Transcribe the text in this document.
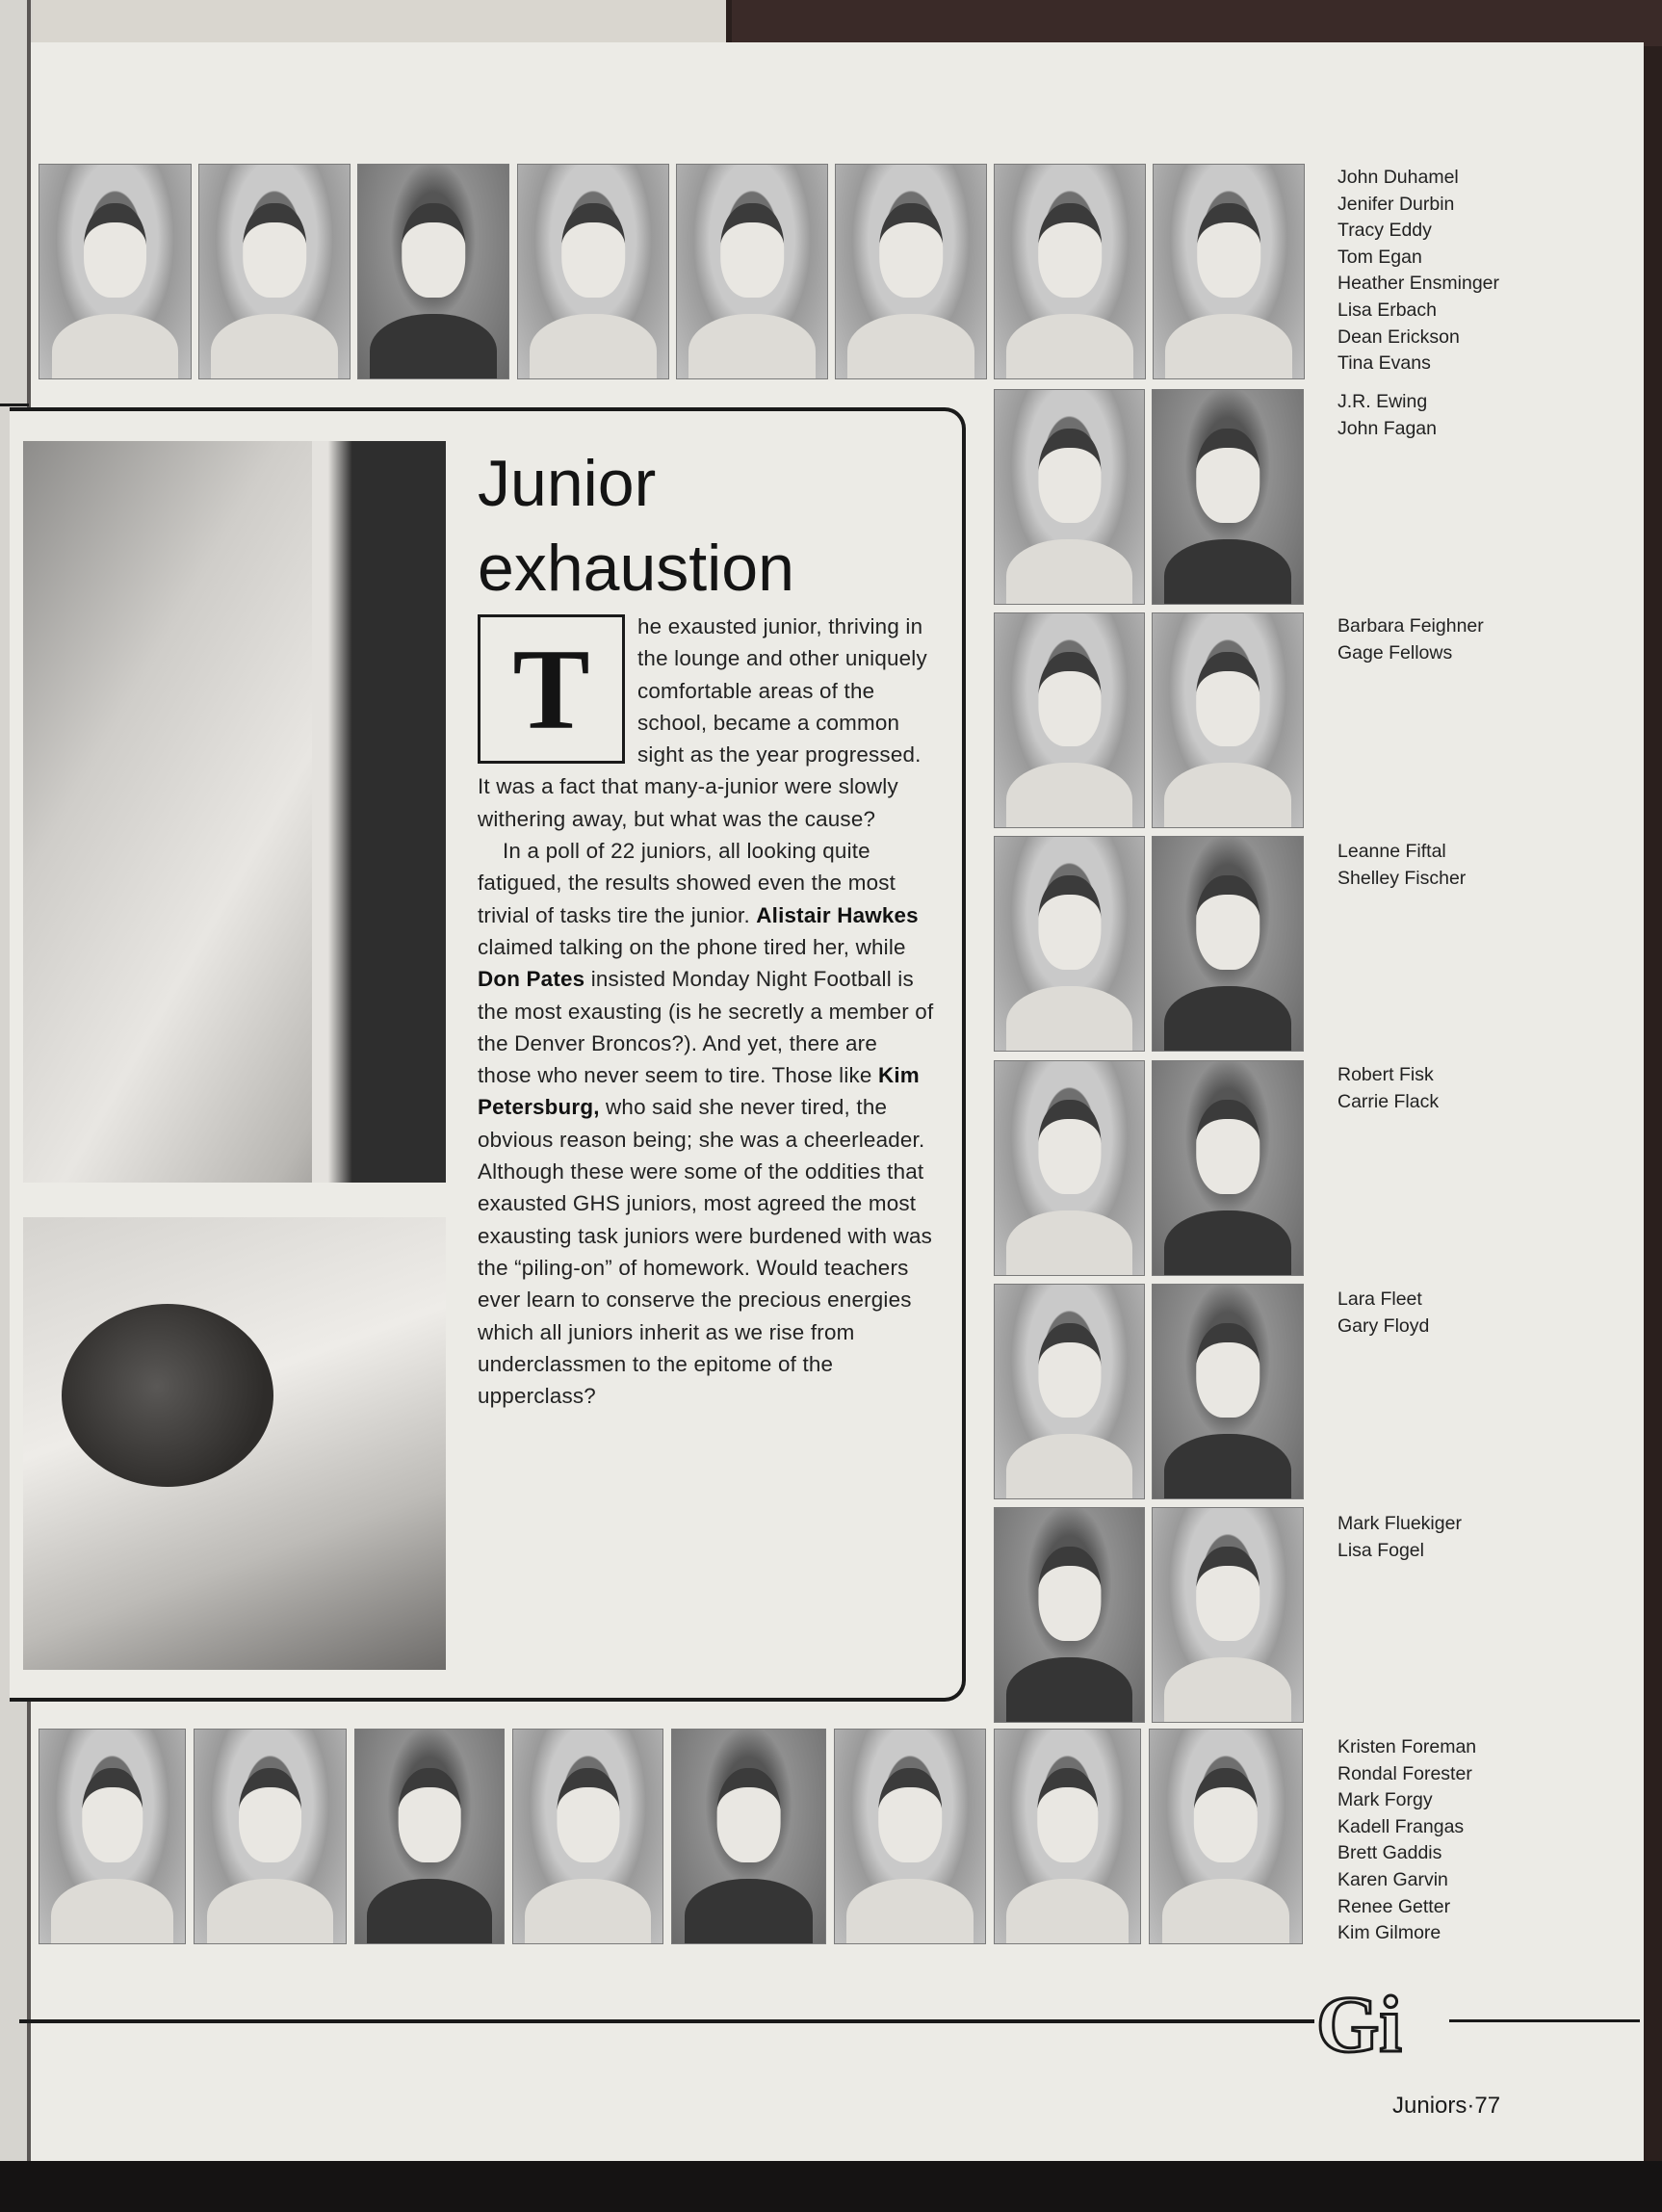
John Duhamel
Jenifer Durbin
Tracy Eddy
Tom Egan
Heather Ensminger
Lisa Erbach
Dean Erickson
Tina Evans
Junior
exhaustion

he exausted junior, thriving in the lounge and other uniquely comfortable areas of the school, became a common sight as the year progressed. It was a fact that many-a-junior were slowly withering away, but what was the cause?

In a poll of 22 juniors, all looking quite fatigued, the results showed even the most trivial of tasks tire the junior. Alistair Hawkes claimed talking on the phone tired her, while Don Pates insisted Monday Night Football is the most exausting (is he secretly a member of the Denver Broncos?). And yet, there are those who never seem to tire. Those like Kim Petersburg, who said she never tired, the obvious reason being; she was a cheerleader. Although these were some of the oddities that exausted GHS juniors, most agreed the most exausting task juniors were burdened with was the “piling-on” of homework. Would teachers ever learn to conserve the precious energies which all juniors inherit as we rise from underclassmen to the epitome of the upperclass?

T
J.R. Ewing
John Fagan
Barbara Feighner
Gage Fellows
Leanne Fiftal
Shelley Fischer
Robert Fisk
Carrie Flack
Lara Fleet
Gary Floyd
Mark Fluekiger
Lisa Fogel
Kristen Foreman
Rondal Forester
Mark Forgy
Kadell Frangas
Brett Gaddis
Karen Garvin
Renee Getter
Kim Gilmore
Gi
Juniors·77
